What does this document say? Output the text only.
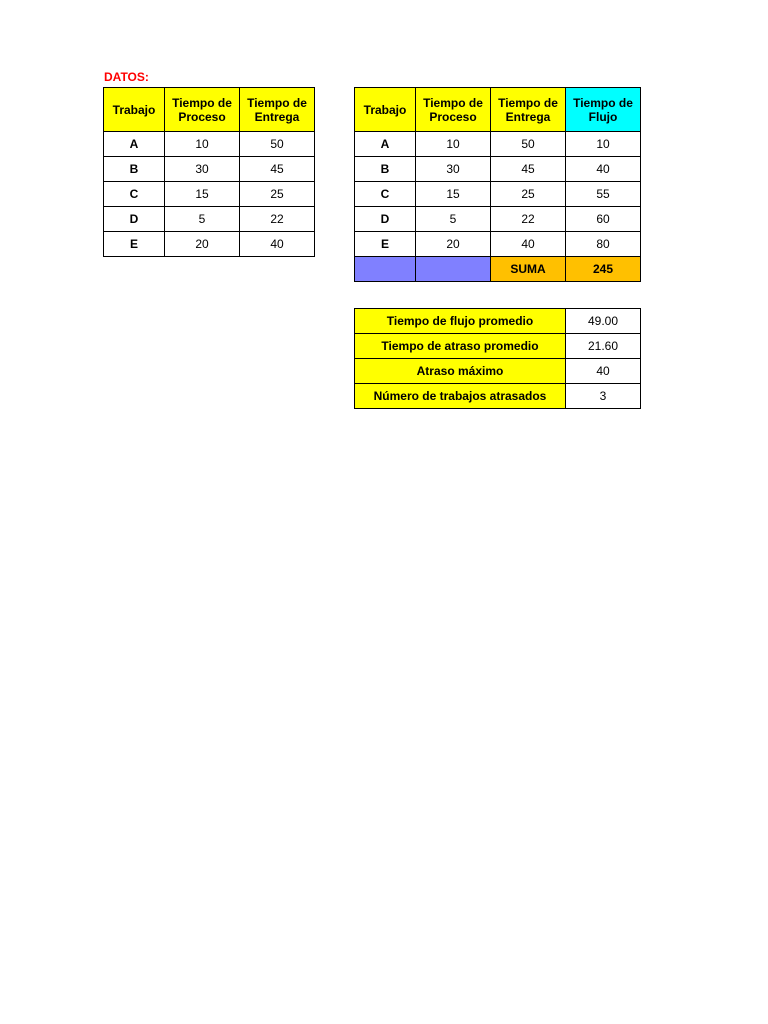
DATOS:
Trabajo	Tiempo de Proceso	Tiempo de Entrega
A	10	50
B	30	45
C	15	25
D	5	22
E	20	40
Trabajo	Tiempo de Proceso	Tiempo de Entrega	Tiempo de Flujo
A	10	50	10
B	30	45	40
C	15	25	55
D	5	22	60
E	20	40	80
		SUMA	245
Tiempo de flujo promedio	49.00
Tiempo de atraso promedio	21.60
Atraso máximo	40
Número de trabajos atrasados	3
